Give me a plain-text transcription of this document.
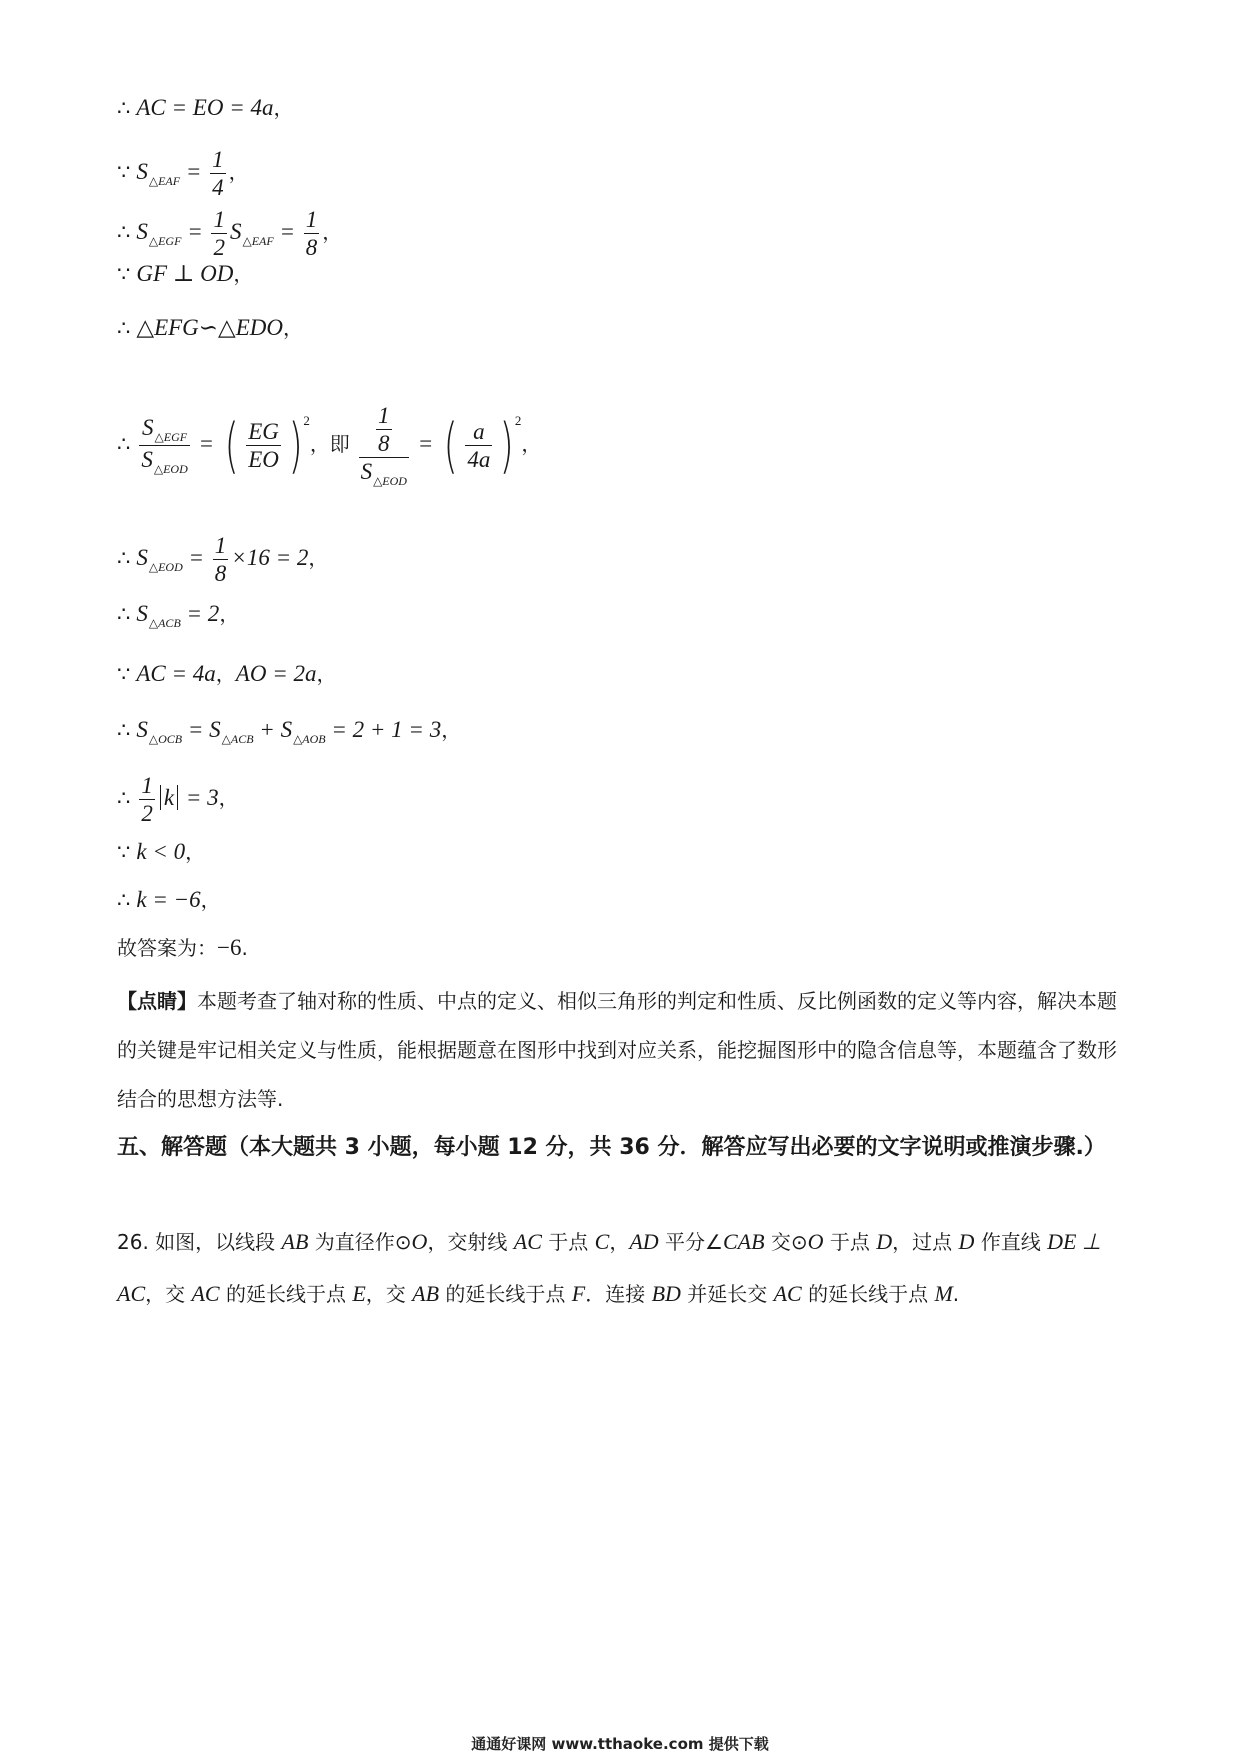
∴ AC = EO = 4a，
∵ $S_{\triangle EAF} = \frac{1}{4}$ ，
∴ $S_{\triangle EGF} = \frac{1}{2} S_{\triangle EAF} = \frac{1}{8}$ ，
∵ GF ⊥ OD，
∴ △EFG∽△EDO，
∴ $\frac{S_{\triangle EGF}}{S_{\triangle EOD}}$ = ( $\frac{EG}{EO}$ ) $^2$，即 $\frac{\frac{1}{8}}{S_{\triangle EOD}}$ = ( $\frac{a}{4a}$ ) $^2$，
∴ $S_{\triangle EOD} = \frac{1}{8} \times 16 = 2$，
∴ $S_{\triangle ACB} = 2$，
∵ AC = 4a，AO = 2a，
∴ $S_{\triangle OCB} = S_{\triangle ACB} + S_{\triangle AOB} = 2 + 1 = 3$，
∴ $\frac{1}{2}$ k = 3，
∵ k < 0，
∴ k = −6，
故答案为：−6.
【点睛】本题考查了轴对称的性质、中点的定义、相似三角形的判定和性质、反比例函数的定义等内容，解决本题的关键是牢记相关定义与性质，能根据题意在图形中找到对应关系，能挖掘图形中的隐含信息等，本题蕴含了数形结合的思想方法等.
五、解答题（本大题共 3 小题，每小题 12 分，共 36 分．解答应写出必要的文字说明或推演步骤.）
26. 如图，以线段 AB 为直径作⊙O，交射线 AC 于点 C，AD 平分∠CAB 交⊙O 于点 D，过点 D 作直线 DE ⊥ AC，交 AC 的延长线于点 E，交 AB 的延长线于点 F．连接 BD 并延长交 AC 的延长线于点 M.
通通好课网 www.tthaoke.com 提供下载
